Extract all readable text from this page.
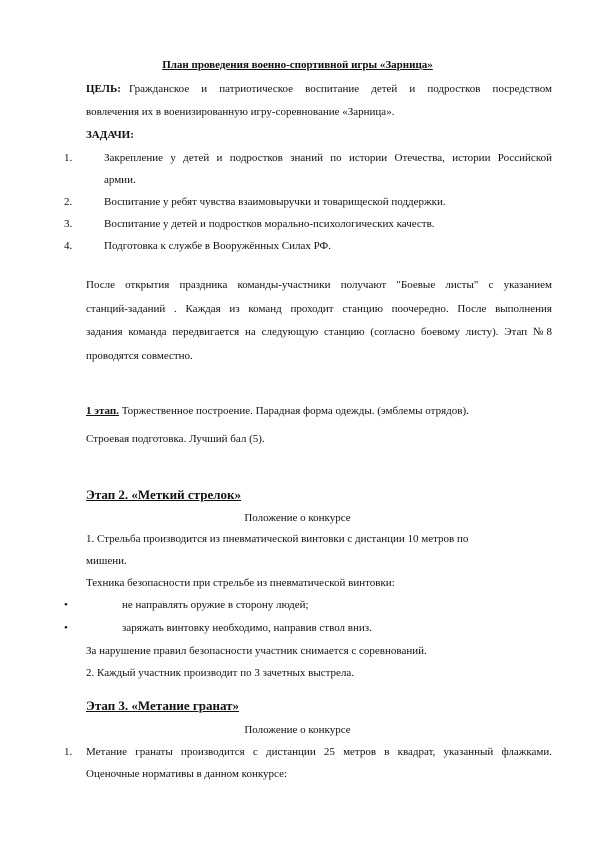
План проведения военно-спортивной игры «Зарница»
ЦЕЛЬ: Гражданское и патриотическое воспитание детей и подростков посредством
вовлечения их в военизированную игру-соревнование «Зарница».
ЗАДАЧИ:
1.	Закрепление у детей и подростков знаний по истории Отечества, истории Российской
армии.
2.	Воспитание у ребят чувства взаимовыручки и товарищеской поддержки.
3.	Воспитание у детей и подростков морально-психологических качеств.
4.	Подготовка к службе в Вооружённых Силах РФ.
После открытия праздника команды-участники получают "Боевые листы" с указанием
станций-заданий . Каждая из команд проходит станцию поочередно. После выполнения
задания команда передвигается на следующую станцию (согласно боевому листу). Этап №8
проводятся совместно.
1 этап. Торжественное построение. Парадная форма одежды. (эмблемы отрядов).
Строевая подготовка. Лучший бал (5).
Этап 2. «Меткий стрелок»
Положение о конкурсе
1. Стрельба производится из пневматической винтовки с дистанции 10 метров по
мишени.
Техника безопасности при стрельбе из пневматической винтовки:
•	не направлять оружие в сторону людей;
•	заряжать винтовку необходимо, направив ствол вниз.
За нарушение правил безопасности участник снимается с соревнований.
2. Каждый участник производит по 3 зачетных выстрела.
Этап 3. «Метание гранат»
Положение о конкурсе
1. Метание гранаты производится с дистанции 25 метров в квадрат, указанный флажками.
Оценочные нормативы в данном конкурсе:
